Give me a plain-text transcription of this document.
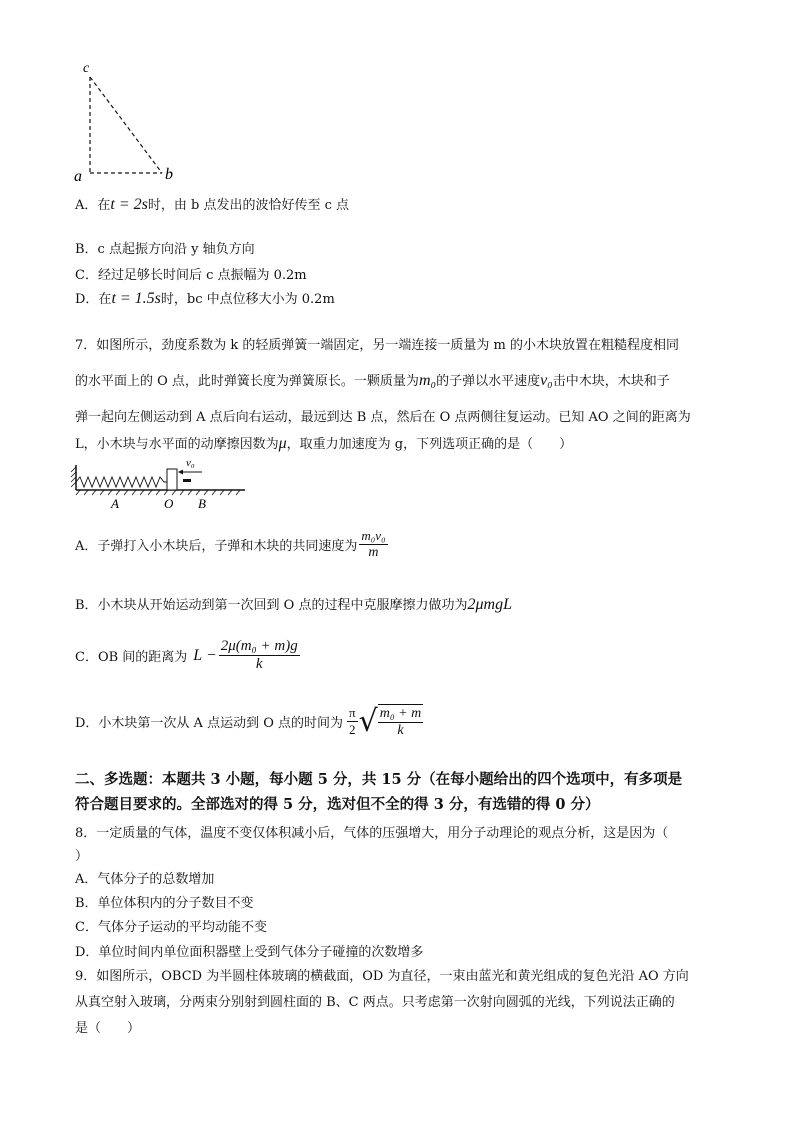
c
a	b
A．在t = 2s时，由 b 点发出的波恰好传至 c 点
B．c 点起振方向沿 y 轴负方向
C．经过足够长时间后 c 点振幅为 0.2m
D．在t = 1.5s时，bc 中点位移大小为 0.2m
7．如图所示，劲度系数为 k 的轻质弹簧一端固定，另一端连接一质量为 m 的小木块放置在粗糙程度相同
的水平面上的 O 点，此时弹簧长度为弹簧原长。一颗质量为m₀的子弹以水平速度v₀击中木块，木块和子
弹一起向左侧运动到 A 点后向右运动，最远到达 B 点，然后在 O 点两侧往复运动。已知 AO 之间的距离为
L，小木块与水平面的动摩擦因数为μ，取重力加速度为 g，下列选项正确的是（　　）
v₀
A	O B
A．子弹打入小木块后，子弹和木块的共同速度为 $\frac{\text{m₀v₀}}{m}$
B．小木块从开始运动到第一次回到 O 点的过程中克服摩擦力做功为2μmgL
C．OB 间的距离为 $L - \frac{\text{2μ(m₀ + m)g}}{k}$
D．小木块第一次从 A 点运动到 O 点的时间为 $\frac{\pi}{2}$ √ $\frac{\text{m₀ + m}}{k}$
二、多选题：本题共 3 小题，每小题 5 分，共 15 分（在每小题给出的四个选项中，有多项是
符合题目要求的。全部选对的得 5 分，选对但不全的得 3 分，有选错的得 0 分）
8．一定质量的气体，温度不变仅体积减小后，气体的压强增大，用分子动理论的观点分析，这是因为（
）
A．气体分子的总数增加
B．单位体积内的分子数目不变
C．气体分子运动的平均动能不变
D．单位时间内单位面积器壁上受到气体分子碰撞的次数增多
9．如图所示，OBCD 为半圆柱体玻璃的横截面，OD 为直径，一束由蓝光和黄光组成的复色光沿 AO 方向
从真空射入玻璃，分两束分别射到圆柱面的 B、C 两点。只考虑第一次射向圆弧的光线，下列说法正确的
是（　　）
